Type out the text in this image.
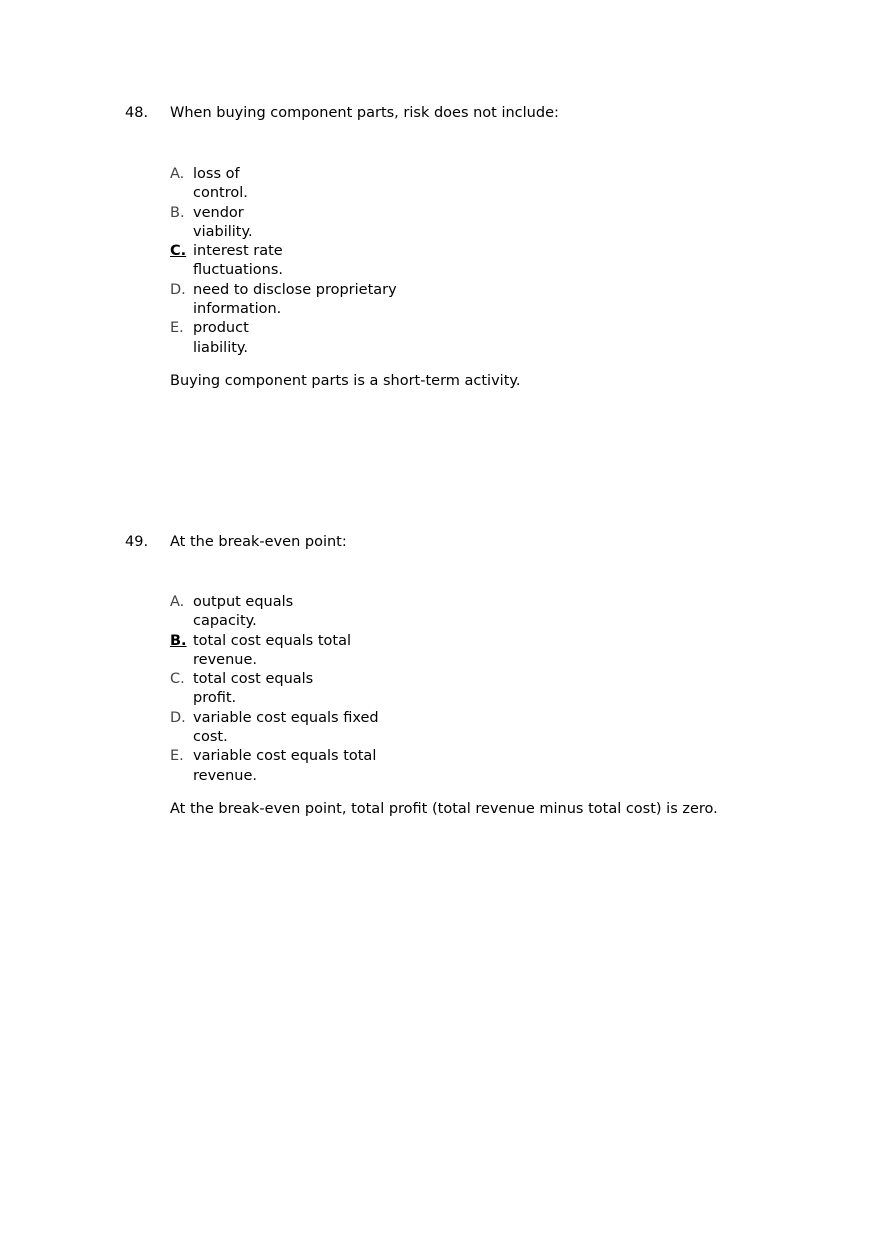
48. When buying component parts, risk does not include:
A. loss of
control.
B. vendor
viability.
C. interest rate
fluctuations.
D. need to disclose proprietary
information.
E. product
liability.
Buying component parts is a short-term activity.
49. At the break-even point:
A. output equals
capacity.
B. total cost equals total
revenue.
C. total cost equals
profit.
D. variable cost equals fixed
cost.
E. variable cost equals total
revenue.
At the break-even point, total profit (total revenue minus total cost) is zero.
